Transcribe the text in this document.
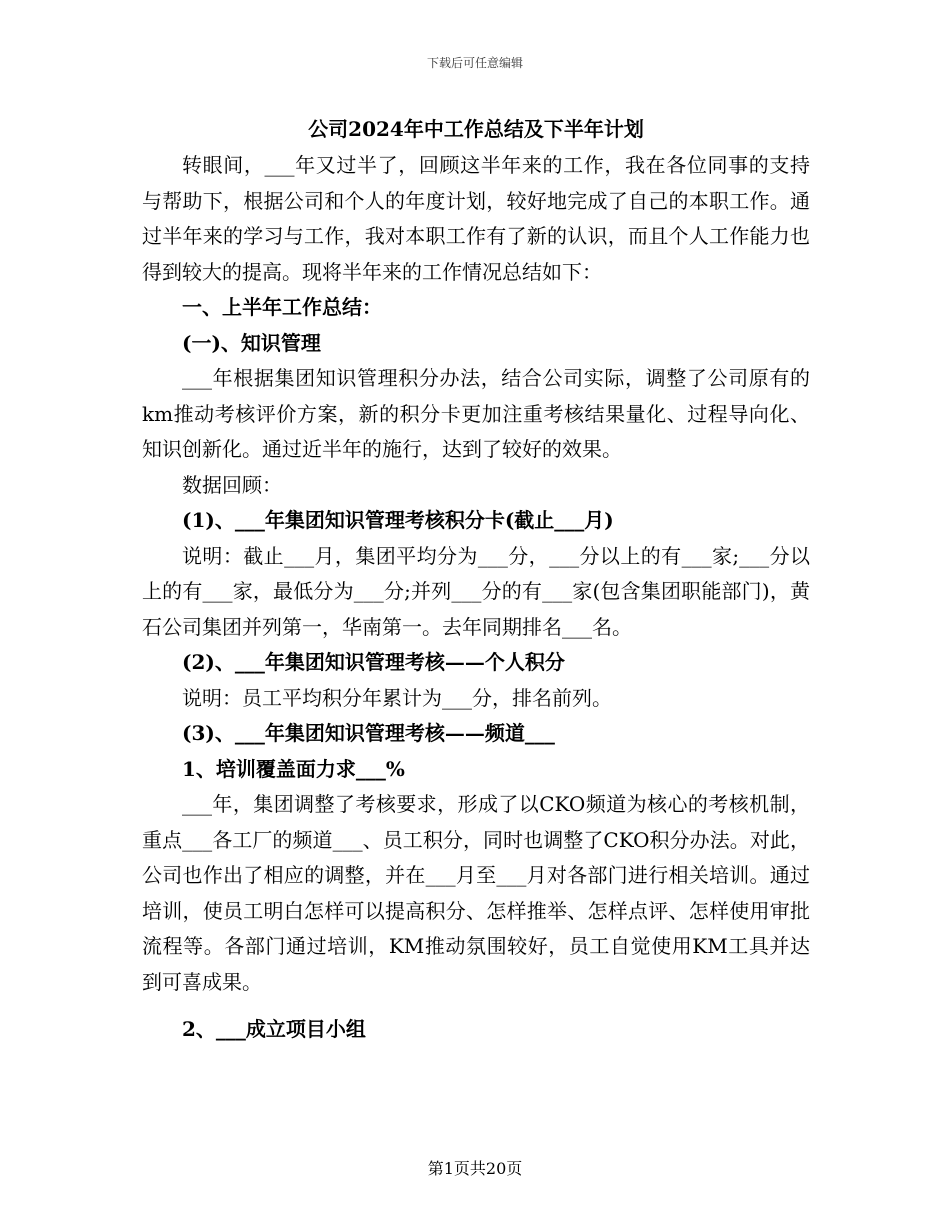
下载后可任意编辑
公司2024年中工作总结及下半年计划

转眼间，___年又过半了，回顾这半年来的工作，我在各位同事的支持与帮助下，根据公司和个人的年度计划，较好地完成了自己的本职工作。通过半年来的学习与工作，我对本职工作有了新的认识，而且个人工作能力也得到较大的提高。现将半年来的工作情况总结如下：

一、上半年工作总结：

(一)、知识管理

___年根据集团知识管理积分办法，结合公司实际，调整了公司原有的km推动考核评价方案，新的积分卡更加注重考核结果量化、过程导向化、知识创新化。通过近半年的施行，达到了较好的效果。

数据回顾：

(1)、___年集团知识管理考核积分卡(截止___月)

说明：截止___月，集团平均分为___分，___分以上的有___家;___分以上的有___家，最低分为___分;并列___分的有___家(包含集团职能部门)，黄石公司集团并列第一，华南第一。去年同期排名___名。

(2)、___年集团知识管理考核——个人积分

说明：员工平均积分年累计为___分，排名前列。

(3)、___年集团知识管理考核——频道___

1、培训覆盖面力求___%

___年，集团调整了考核要求，形成了以CKO频道为核心的考核机制，重点___各工厂的频道___、员工积分，同时也调整了CKO积分办法。对此，公司也作出了相应的调整，并在___月至___月对各部门进行相关培训。通过培训，使员工明白怎样可以提高积分、怎样推举、怎样点评、怎样使用审批流程等。各部门通过培训，KM推动氛围较好，员工自觉使用KM工具并达到可喜成果。

2、___成立项目小组

第1页共20页
